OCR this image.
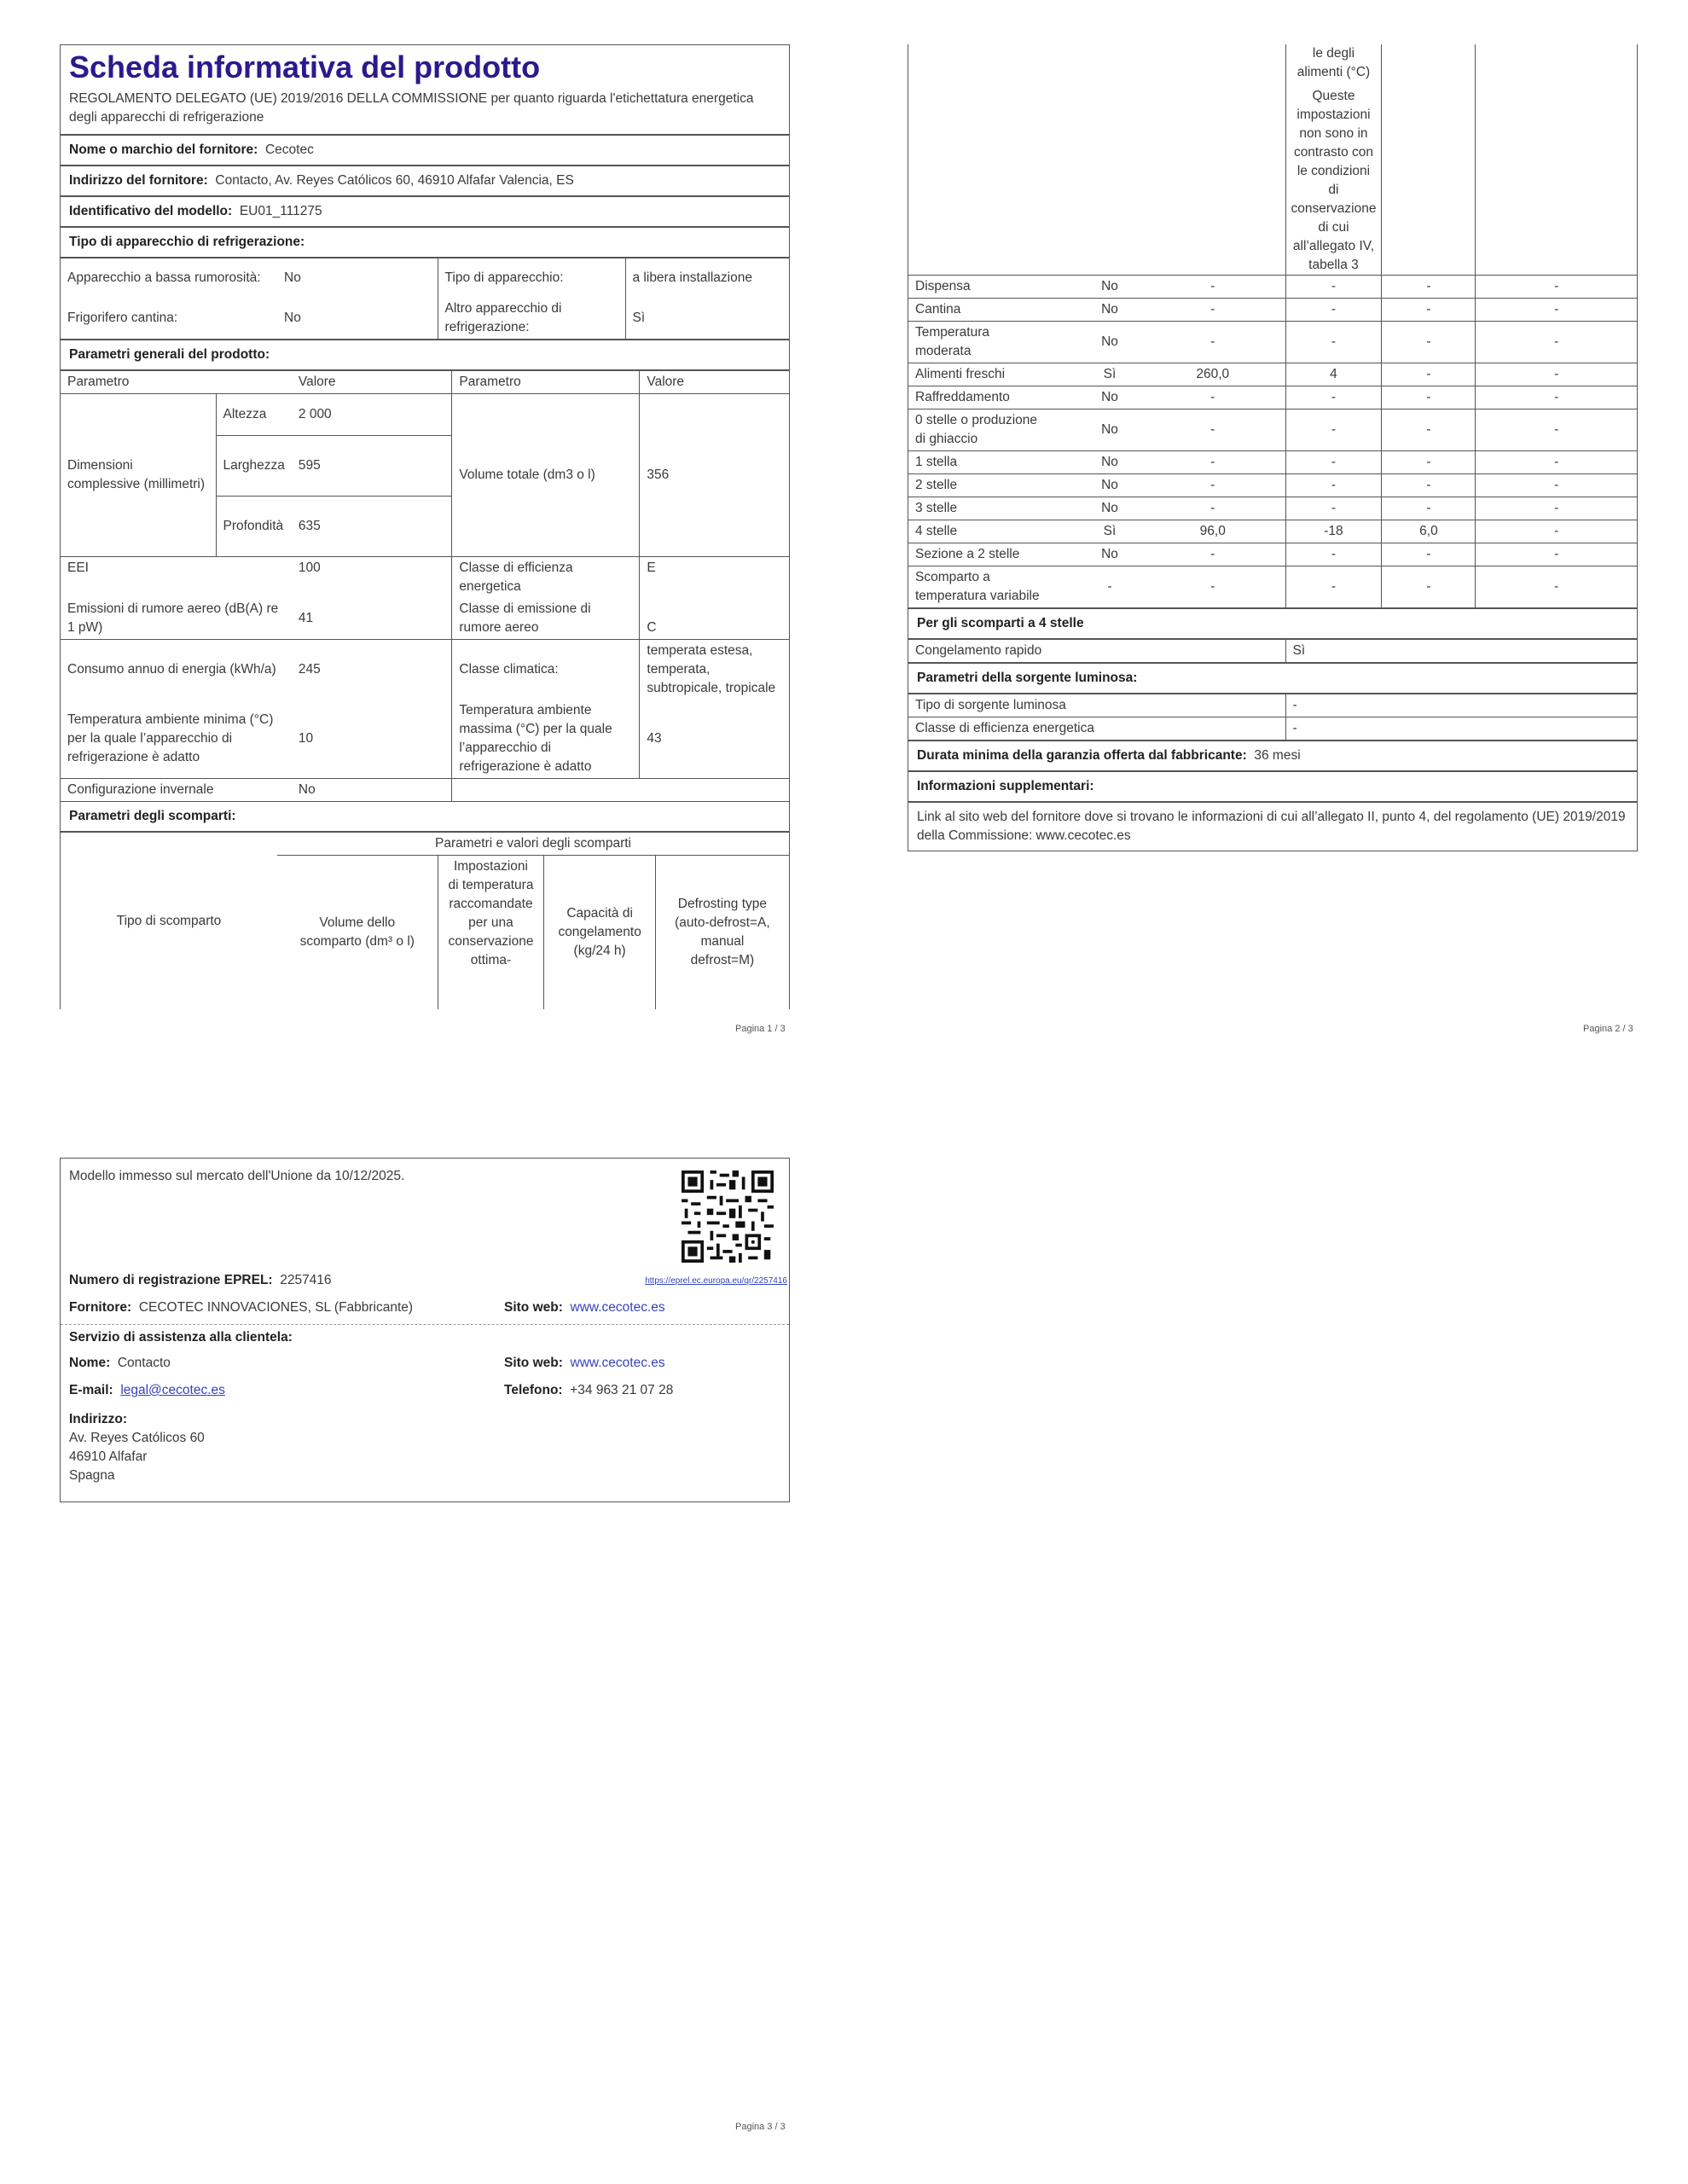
Scheda informativa del prodotto
REGOLAMENTO DELEGATO (UE) 2019/2016 DELLA COMMISSIONE per quanto riguarda l'etichettatura energetica degli apparecchi di refrigerazione
Nome o marchio del fornitore: Cecotec
Indirizzo del fornitore: Contacto, Av. Reyes Católicos 60, 46910 Alfafar Valencia, ES
Identificativo del modello: EU01_111275
Tipo di apparecchio di refrigerazione:
Apparecchio a bassa rumorosità:	No	Tipo di apparecchio:	a libera installazione
Frigorifero cantina:	No	Altro apparecchio di refrigerazione:	Sì
Parametri generali del prodotto:
Parametro		Valore	Parametro	Valore
Dimensioni complessive (millimetri)	Altezza	2 000	Volume totale (dm3 o l)	356
	Larghezza	595		
	Profondità	635		
EEI		100	Classe di efficienza energetica	E
Emissioni di rumore aereo (dB(A) re 1 pW)		41	Classe di emissione di rumore aereo	C
Consumo annuo di energia (kWh/a)		245	Classe climatica:	temperata estesa, temperata, subtropicale, tropicale
Temperatura ambiente minima (°C) per la quale l’apparecchio di refrigerazione è adatto		10	Temperatura ambiente massima (°C) per la quale l’apparecchio di refrigerazione è adatto	43
Configurazione invernale		No		
Parametri degli scomparti:
Tipo di scomparto	Parametri e valori degli scomparti			
	Volume dello scomparto (dm³ o l)	Impostazioni di temperatura raccomandate per una conservazione ottima-	Capacità di congelamento (kg/24 h)	Defrosting type (auto-defrost=A, manual defrost=M)
Pagina 1 / 3

			le degli alimenti (°C)
Queste impostazioni non sono in contrasto con le condizioni di conservazione di cui all’allegato IV, tabella 3		

Dispensa	No	-	-	-	-
Cantina	No	-	-	-	-
Temperatura moderata	No	-	-	-	-
Alimenti freschi	Sì	260,0	4	-	-
Raffreddamento	No	-	-	-	-
0 stelle o produzione di ghiaccio	No	-	-	-	-
1 stella	No	-	-	-	-
2 stelle	No	-	-	-	-
3 stelle	No	-	-	-	-
4 stelle	Sì	96,0	-18	6,0	-
Sezione a 2 stelle	No	-	-	-	-
Scomparto a temperatura variabile	-	-	-	-	-
Per gli scomparti a 4 stelle
Congelamento rapido	Sì
Parametri della sorgente luminosa:
Tipo di sorgente luminosa	-
Classe di efficienza energetica	-
Durata minima della garanzia offerta dal fabbricante: 36 mesi
Informazioni supplementari:
Link al sito web del fornitore dove si trovano le informazioni di cui all’allegato II, punto 4, del regolamento (UE) 2019/2019 della Commissione: www.cecotec.es
Pagina 2 / 3
Modello immesso sul mercato dell'Unione da 10/12/2025.
Numero di registrazione EPREL: 2257416	https://eprel.ec.europa.eu/qr/2257416
Fornitore: CECOTEC INNOVACIONES, SL (Fabbricante)	Sito web: www.cecotec.es
Servizio di assistenza alla clientela:
Nome: Contacto	Sito web: www.cecotec.es
E-mail: legal@cecotec.es	Telefono: +34 963 21 07 28
Indirizzo:
Av. Reyes Católicos 60
46910 Alfafar
Spagna
Pagina 3 / 3
